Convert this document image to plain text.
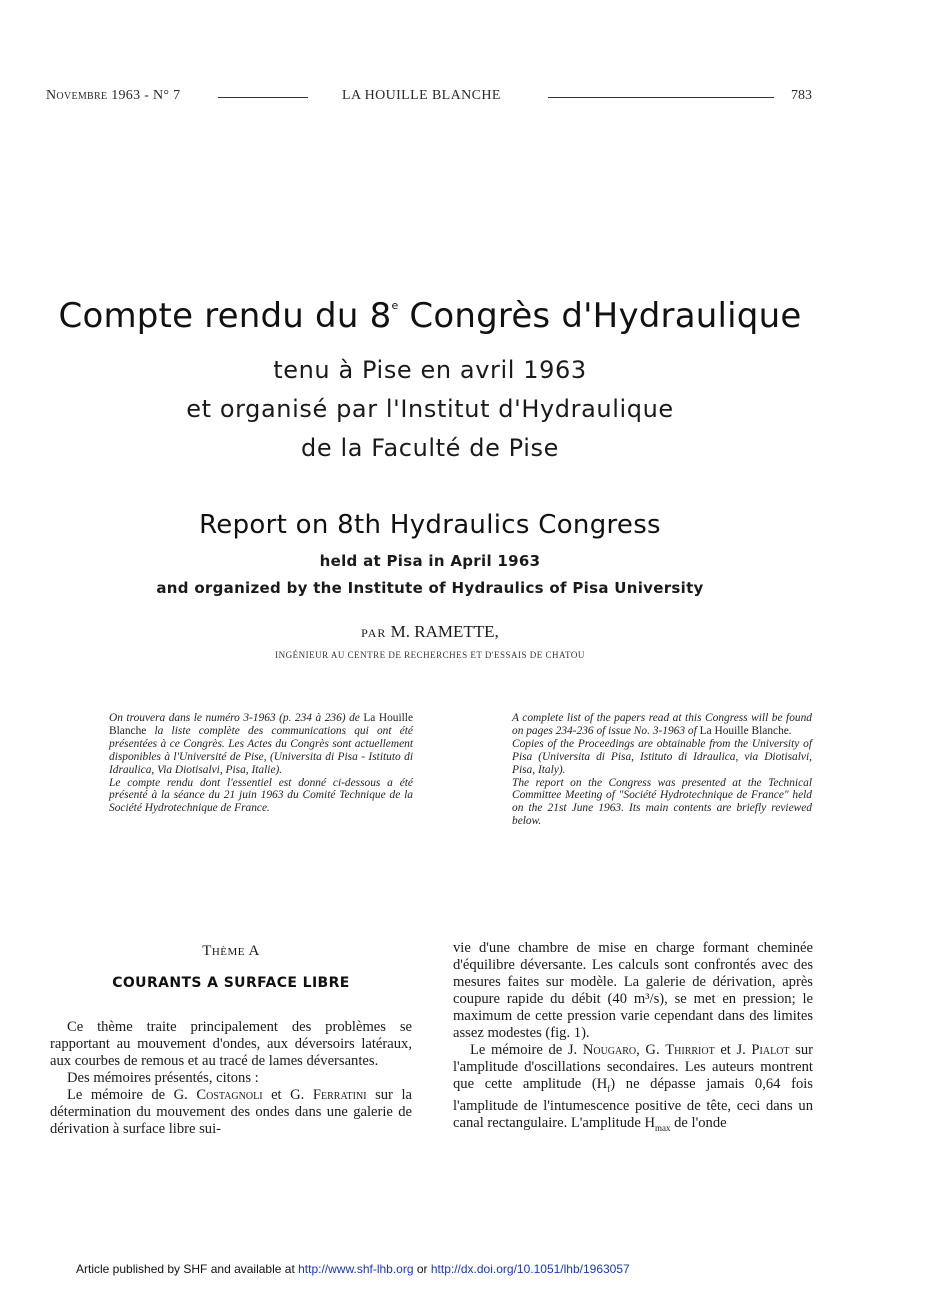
Novembre 1963 - N° 7	LA HOUILLE BLANCHE	783
Compte rendu du 8e Congrès d'Hydraulique
tenu à Pise en avril 1963
et organisé par l'Institut d'Hydraulique
de la Faculté de Pise
Report on 8th Hydraulics Congress
held at Pisa in April 1963
and organized by the Institute of Hydraulics of Pisa University
PAR M. RAMETTE,
INGÉNIEUR AU CENTRE DE RECHERCHES ET D'ESSAIS DE CHATOU

On trouvera dans le numéro 3-1963 (p. 234 à 236) de La Houille Blanche la liste complète des communications qui ont été présentées à ce Congrès. Les Actes du Congrès sont actuellement disponibles à l'Université de Pise, (Universita di Pisa - Istituto di Idraulica, Via Diotisalvi, Pisa, Italie).

Le compte rendu dont l'essentiel est donné ci-dessous a été présenté à la séance du 21 juin 1963 du Comité Technique de la Société Hydrotechnique de France.

A complete list of the papers read at this Congress will be found on pages 234-236 of issue No. 3-1963 of La Houille Blanche.

Copies of the Proceedings are obtainable from the University of Pisa (Universita di Pisa, Istituto di Idraulica, via Diotisalvi, Pisa, Italy).

The report on the Congress was presented at the Technical Committee Meeting of "Société Hydrotechnique de France" held on the 21st June 1963. Its main contents are briefly reviewed below.

Thème A
COURANTS A SURFACE LIBRE

Ce thème traite principalement des problèmes se rapportant au mouvement d'ondes, aux déversoirs latéraux, aux courbes de remous et au tracé de lames déversantes.

Des mémoires présentés, citons :

Le mémoire de G. Costagnoli et G. Ferratini sur la détermination du mouvement des ondes dans une galerie de dérivation à surface libre sui-

vie d'une chambre de mise en charge formant cheminée d'équilibre déversante. Les calculs sont confrontés avec des mesures faites sur modèle. La galerie de dérivation, après coupure rapide du débit (40 m³/s), se met en pression; le maximum de cette pression varie cependant dans des limites assez modestes (fig. 1).

Le mémoire de J. Nougaro, G. Thirriot et J. Pialot sur l'amplitude d'oscillations secondaires. Les auteurs montrent que cette amplitude $(H_f)$ ne dépasse jamais 0,64 fois l'amplitude de l'intumescence positive de tête, ceci dans un canal rectangulaire. L'amplitude $H_{max}$ de l'onde

Article published by SHF and available at http://www.shf-lhb.org or http://dx.doi.org/10.1051/lhb/1963057
